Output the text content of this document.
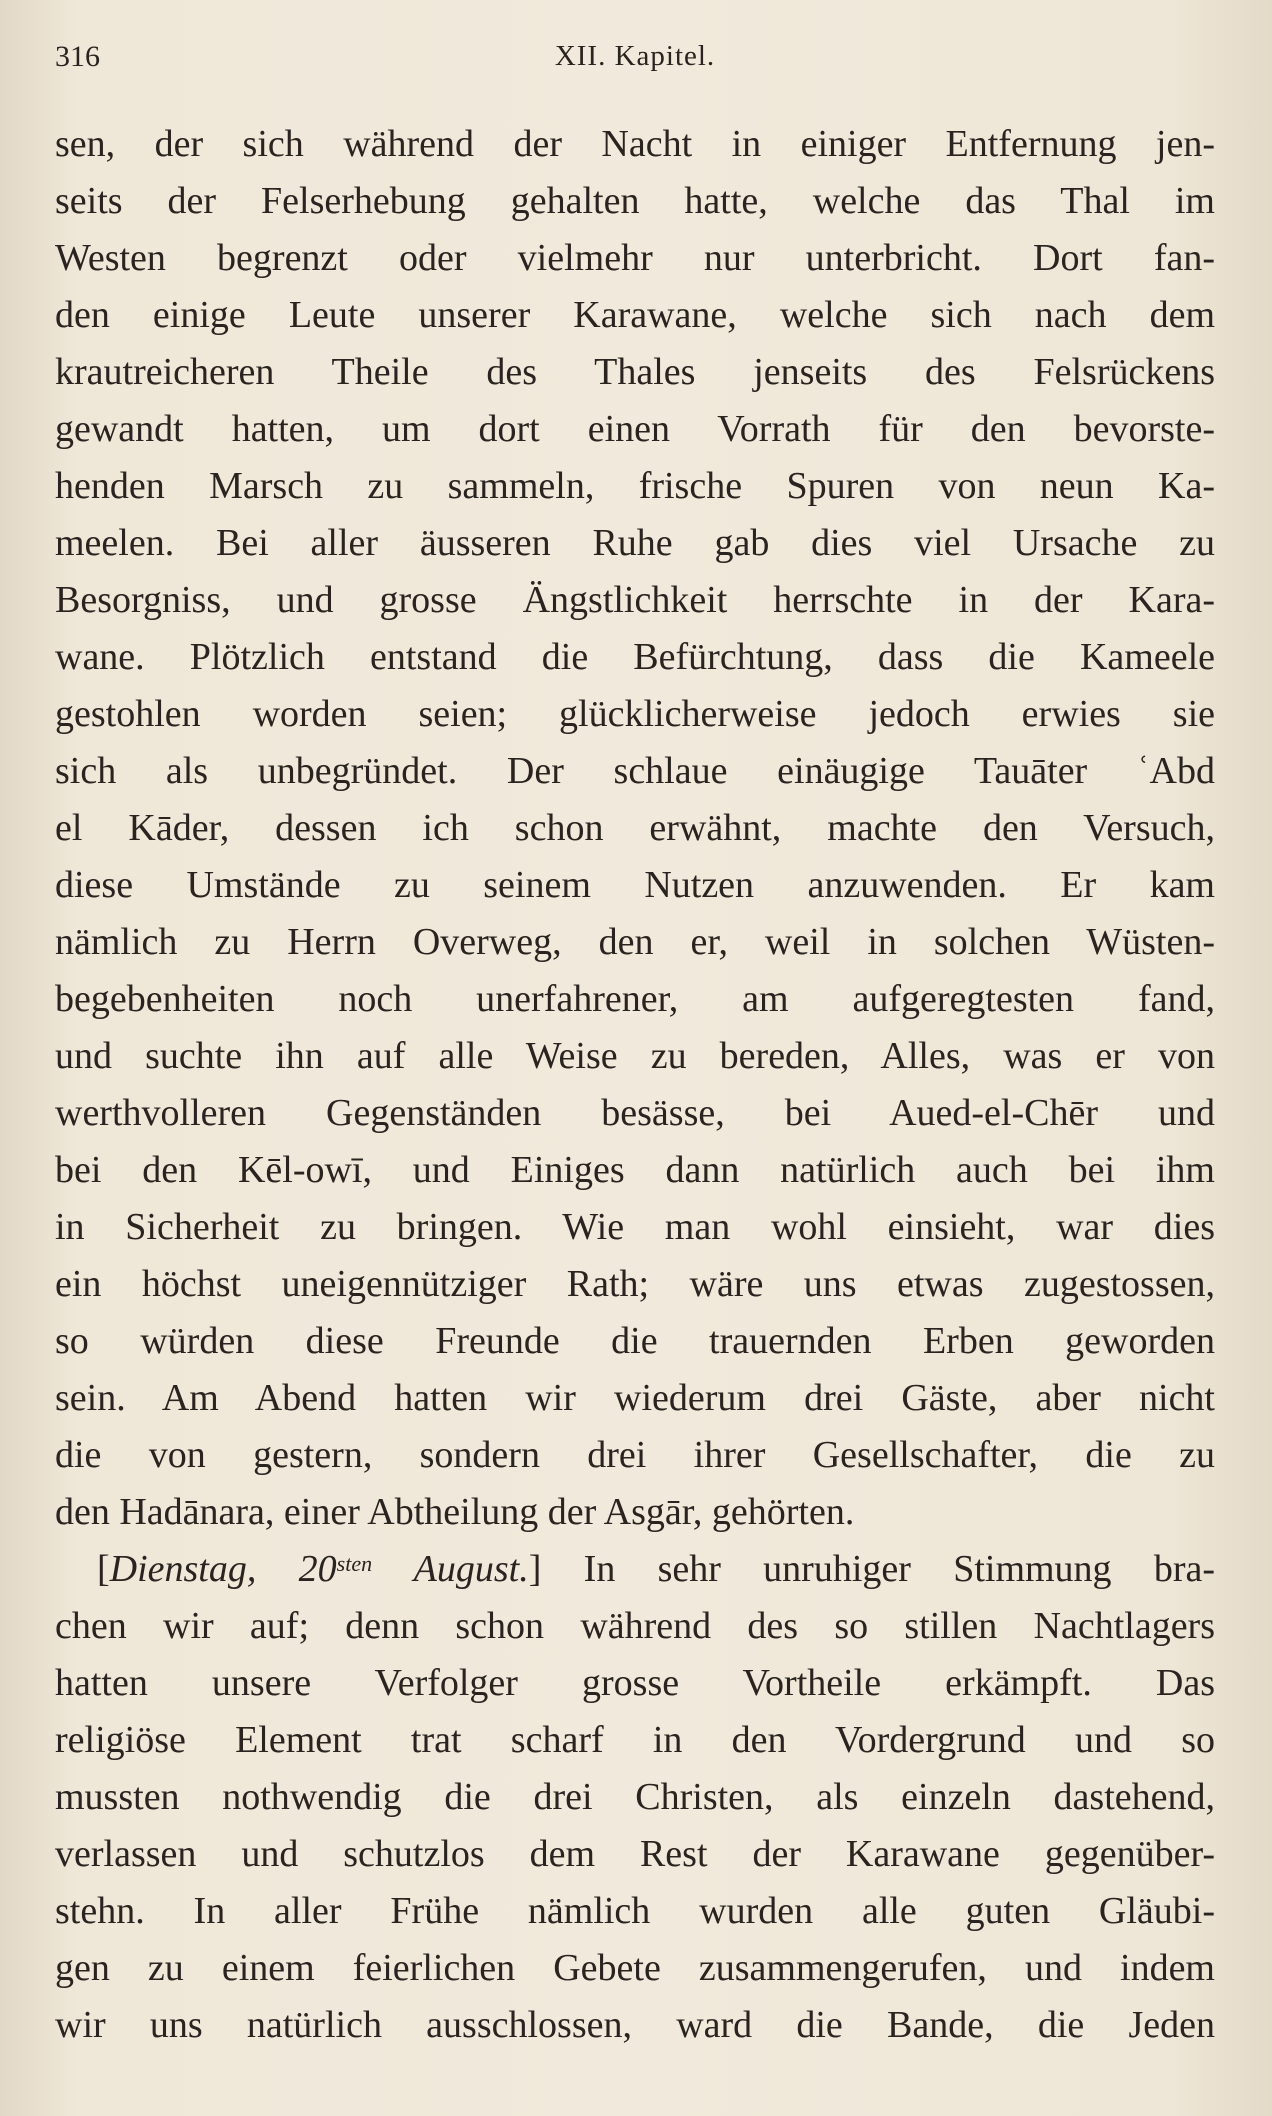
316	XII. Kapitel.
sen, der sich während der Nacht in einiger Entfernung jen-
seits der Felserhebung gehalten hatte, welche das Thal im
Westen begrenzt oder vielmehr nur unterbricht. Dort fan-
den einige Leute unserer Karawane, welche sich nach dem
krautreicheren Theile des Thales jenseits des Felsrückens
gewandt hatten, um dort einen Vorrath für den bevorste-
henden Marsch zu sammeln, frische Spuren von neun Ka-
meelen. Bei aller äusseren Ruhe gab dies viel Ursache zu
Besorgniss, und grosse Ängstlichkeit herrschte in der Kara-
wane. Plötzlich entstand die Befürchtung, dass die Kameele
gestohlen worden seien; glücklicherweise jedoch erwies sie
sich als unbegründet. Der schlaue einäugige Tauāter ʿAbd
el Kāder, dessen ich schon erwähnt, machte den Versuch,
diese Umstände zu seinem Nutzen anzuwenden. Er kam
nämlich zu Herrn Overweg, den er, weil in solchen Wüsten-
begebenheiten noch unerfahrener, am aufgeregtesten fand,
und suchte ihn auf alle Weise zu bereden, Alles, was er von
werthvolleren Gegenständen besässe, bei Aued-el-Chēr und
bei den Kēl-owī, und Einiges dann natürlich auch bei ihm
in Sicherheit zu bringen. Wie man wohl einsieht, war dies
ein höchst uneigennütziger Rath; wäre uns etwas zugestossen,
so würden diese Freunde die trauernden Erben geworden
sein. Am Abend hatten wir wiederum drei Gäste, aber nicht
die von gestern, sondern drei ihrer Gesellschafter, die zu
den Hadānara, einer Abtheilung der Asgār, gehörten.
[Dienstag, $20^{sten}$ August.] In sehr unruhiger Stimmung bra-
chen wir auf; denn schon während des so stillen Nachtlagers
hatten unsere Verfolger grosse Vortheile erkämpft. Das
religiöse Element trat scharf in den Vordergrund und so
mussten nothwendig die drei Christen, als einzeln dastehend,
verlassen und schutzlos dem Rest der Karawane gegenüber-
stehn. In aller Frühe nämlich wurden alle guten Gläubi-
gen zu einem feierlichen Gebete zusammengerufen, und indem
wir uns natürlich ausschlossen, ward die Bande, die Jeden
